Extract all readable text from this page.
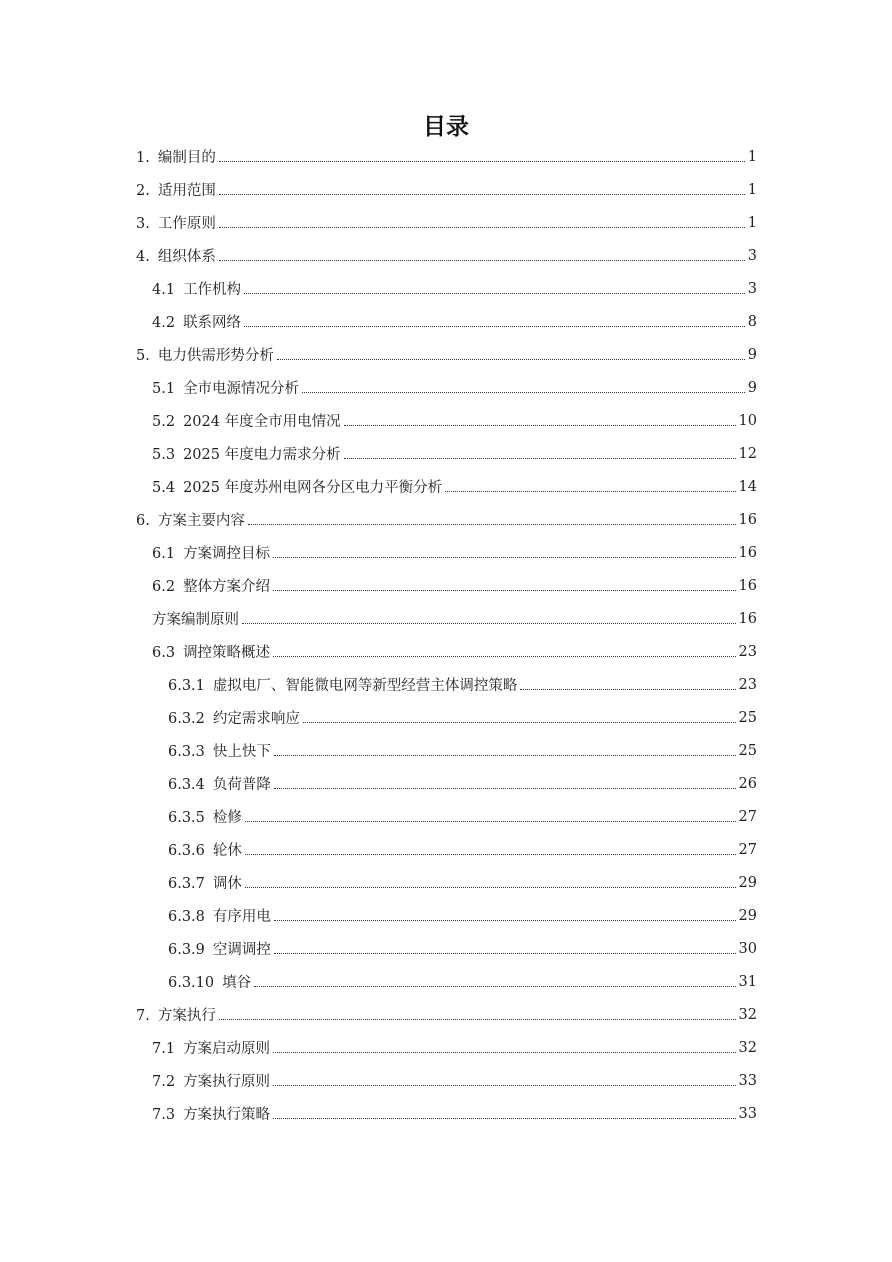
目录
1. 编制目的	1
2. 适用范围	1
3. 工作原则	1
4. 组织体系	3
4.1 工作机构	3
4.2 联系网络	8
5. 电力供需形势分析	9
5.1 全市电源情况分析	9
5.2 2024 年度全市用电情况	10
5.3 2025 年度电力需求分析	12
5.4 2025 年度苏州电网各分区电力平衡分析	14
6. 方案主要内容	16
6.1 方案调控目标	16
6.2 整体方案介绍	16
方案编制原则	16
6.3 调控策略概述	23
6.3.1 虚拟电厂、智能微电网等新型经营主体调控策略	23
6.3.2 约定需求响应	25
6.3.3 快上快下	25
6.3.4 负荷普降	26
6.3.5 检修	27
6.3.6 轮休	27
6.3.7 调休	29
6.3.8 有序用电	29
6.3.9 空调调控	30
6.3.10 填谷	31
7. 方案执行	32
7.1 方案启动原则	32
7.2 方案执行原则	33
7.3 方案执行策略	33
